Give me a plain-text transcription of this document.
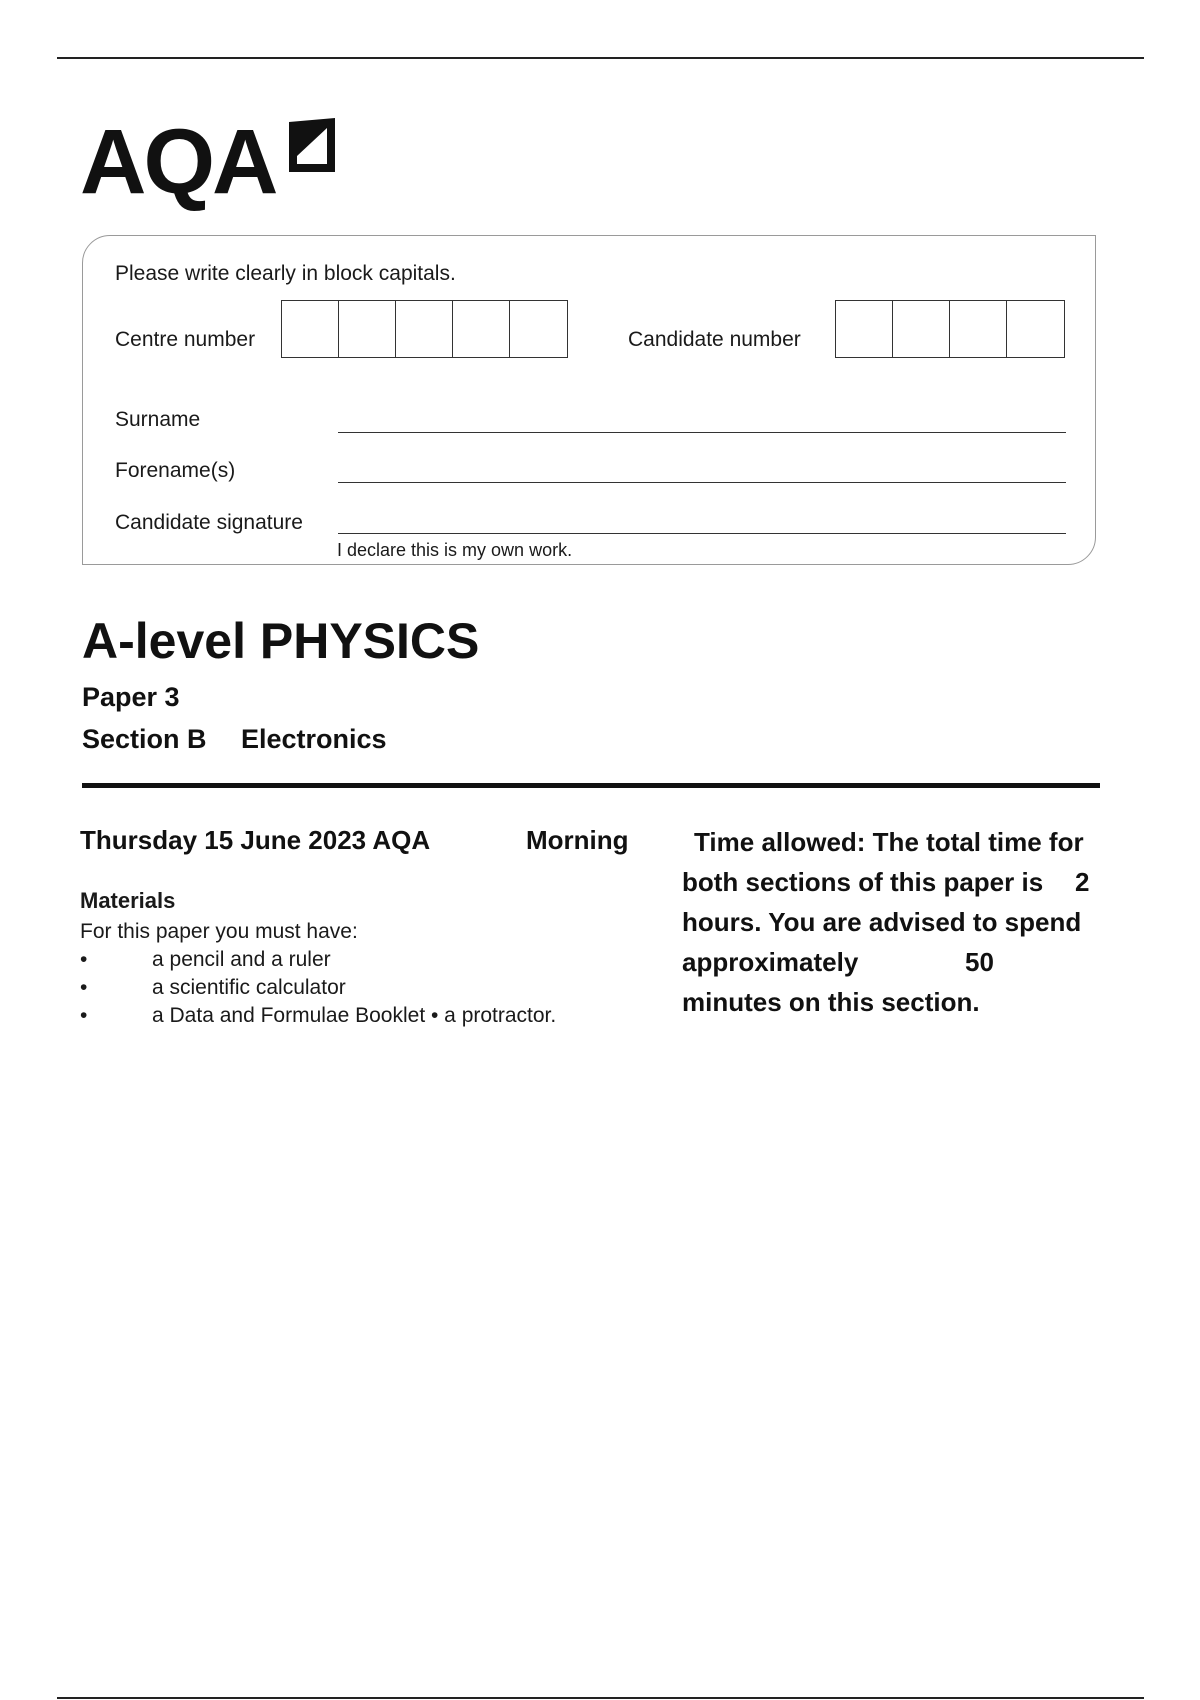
AQA
Please write clearly in block capitals.
Centre number	Candidate number
Surname
Forename(s)
Candidate signature
I declare this is my own work.
A-level PHYSICS
Paper 3
Section B Electronics
Thursday 15 June 2023 AQA	Morning
Materials
For this paper you must have:
•	a pencil and a ruler
•	a scientific calculator
•	a Data and Formulae Booklet • a protractor.
Time allowed: The total time for
both sections of this paper is 2
hours. You are advised to spend
approximately	50
minutes on this section.
